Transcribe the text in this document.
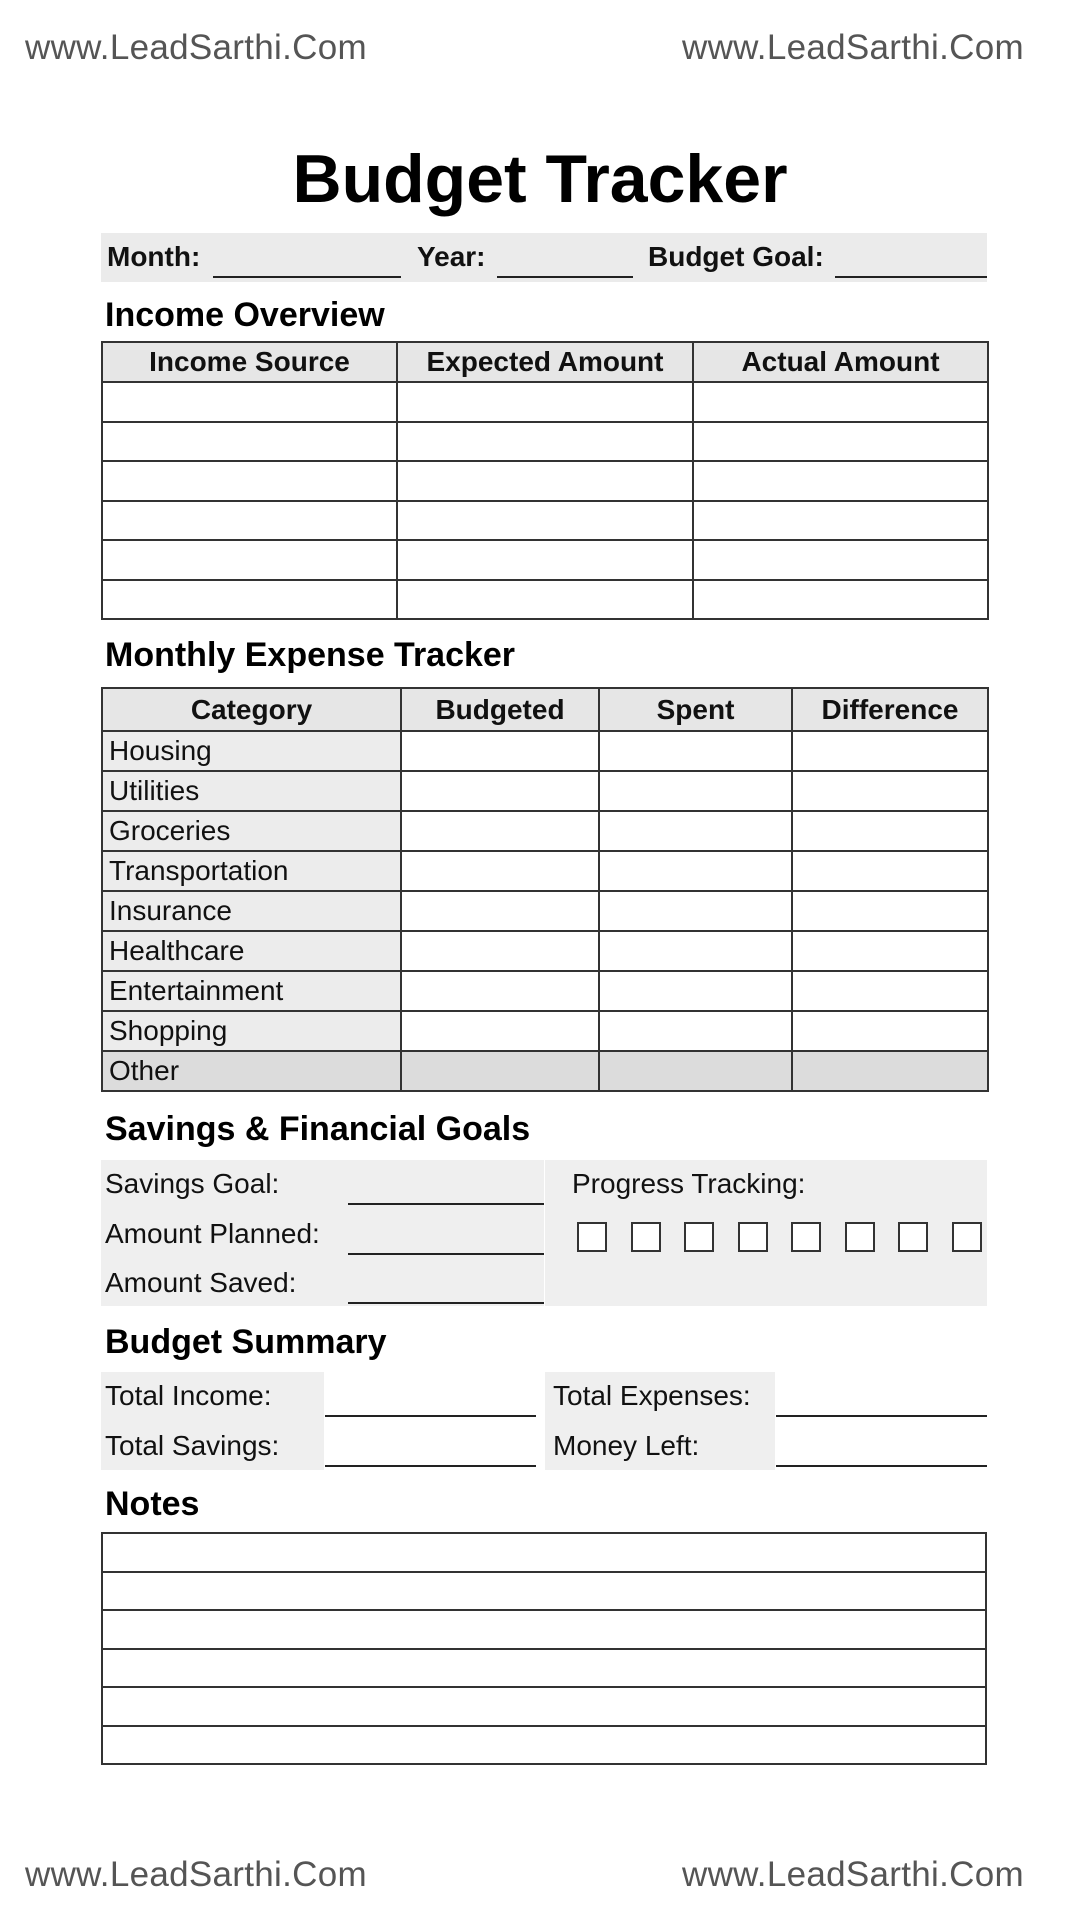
www.LeadSarthi.Com	www.LeadSarthi.Com
Budget Tracker
Month:	Year:	Budget Goal:
Income Overview
Income Source	Expected Amount	Actual Amount

Monthly Expense Tracker
Category	Budgeted	Spent	Difference
Housing			
Utilities			
Groceries			
Transportation			
Insurance			
Healthcare			
Entertainment			
Shopping			
Other			
Savings & Financial Goals
Savings Goal:
Amount Planned:
Amount Saved:
Progress Tracking:
Budget Summary
Total Income:
Total Savings:
Total Expenses:
Money Left:
Notes

www.LeadSarthi.Com	www.LeadSarthi.Com
